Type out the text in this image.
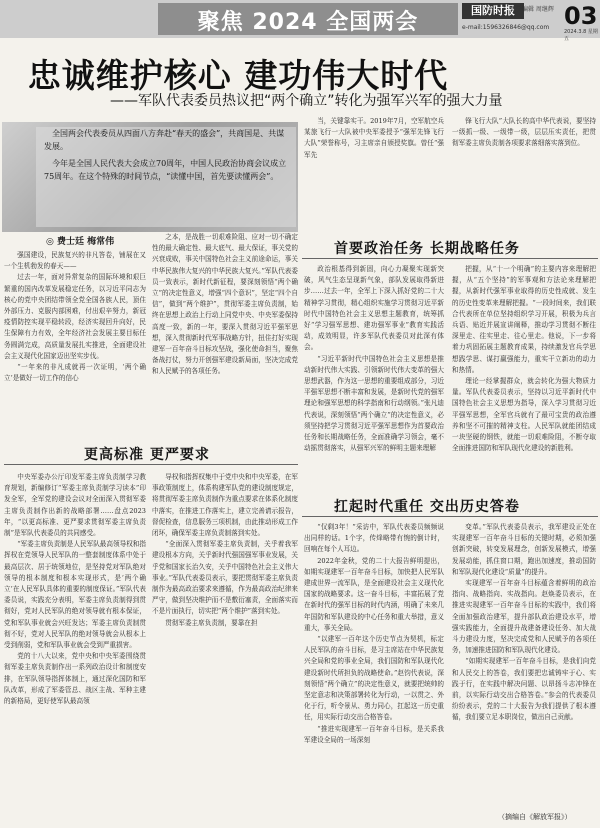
聚焦 2024 全国两会	国防时报
责任编辑 周继辉
e-mail:1596326846@qq.com 03
2024.3.8 星期五
忠诚维护核心 建功伟大时代
——军队代表委员热议把“两个确立”转化为强军兴军的强大力量

全国两会代表委员从四面八方奔赴“春天的盛会”，共商国是、共谋发展。

今年是全国人民代表大会成立70周年，中国人民政治协商会议成立75周年。在这个特殊的时间节点，“读懂中国，首先要读懂两会”。

◎ 费士廷 梅常伟

强国建设，民族复兴的非凡答卷，铺展在又一个生机勃发的春天——

过去一年，面对异常复杂的国际环境和艰巨繁重的国内改革发展稳定任务，以习近平同志为核心的党中央团结带领全党全国各族人民，顶住外部压力、克服内部困难，付出艰辛努力，新冠疫情防控实现平稳转段，经济实现回升向好，民生保障有力有效，全年经济社会发展主要目标任务圆满完成，高质量发展扎实推进，全面建设社会主义现代化国家迈出坚实步伐。

“一年来的非凡成就再一次证明，‘两个确立’是做好一切工作的信心

之本，是战胜一切艰难险阻、应对一切不确定性的最大确定性、最大底气、最大保证，事关党的兴衰成败，事关中国特色社会主义前途命运，事关中华民族伟大复兴的中华民族大复兴。”军队代表委员一致表示，新时代新征程，要深刻领悟“两个确立”的决定性意义，增强“四个意识”，坚定“四个自信”，做到“两个维护”，贯彻军委主席负责制，始终在思想上政治上行动上同党中央、中央军委保持高度一致，新的一年，要深入贯彻习近平强军思想，深入贯彻新时代军事战略方针，扭住打好实现建军一百年奋斗目标攻坚战，强化使命担当，聚焦备战打仗，努力开创强军建设新局面，坚决完成党和人民赋予的各项任务。

当，关键靠实干。2019年7月，空军航空兵某旅飞行一大队被中央军委授予“强军先锋飞行大队”荣誉称号，习主席亲自颁授奖旗。曾任“强军先

锋飞行大队”大队长的高中华代表说，要坚持一级抓一级、一级带一级，层层压实责任，把贯彻军委主席负责制各项要求落细落实落到位。

首要政治任务 长期战略任务

政治根基得到新固，向心力凝聚实现新突破，风气生态呈现新气象，部队发展取得新进步……过去一年，全军上下深入抓好党的二十大精神学习贯彻，精心组织实施学习贯彻习近平新时代中国特色社会主义思想主题教育，统筹抓好“学习强军思想、建功强军事业”教育实践活动，成效明显，许多军队代表委员对此深有体会。

“习近平新时代中国特色社会主义思想是推动新时代伟大实践、引领新时代伟大变革的强大思想武器，作为这一思想的重要组成部分，习近平强军思想不断丰富和发展，是新时代党的强军理论和强军思想的科学指南和行动纲领。”张凡迪代表说，深刻领悟“两个确立”的决定性意义，必须坚持把学习贯彻习近平强军思想作为首要政治任务和长期战略任务，全面准确学习领会，毫不动摇贯彻落实，从强军兴军的鲜明主题来理解

把握，从“十一个明确”的主要内容来理解把握，从“五个坚持”的军事观和方法论来理解把握，从新时代强军事业取得的历史性成就、发生的历史性变革来理解把握。“一段时间来，我们联合代表所在单位坚持组织学习开展，积极为兵言兵语、贴近并展宣讲阐释，推动学习贯彻不断往深里走、往实里走、往心里走。他说，下一步将着力巩固拓展主题教育成果，持续激发官兵学思想践学思、谋打赢强能力，重实干立新功的动力和热情。

理论一经掌握群众，就会转化为强大物质力量。军队代表委员表示，坚持以习近平新时代中国特色社会主义思想为指导，深入学习贯彻习近平强军思想，全军官兵就有了最可宝贵的政治遵养和坚不可摧的精神支柱。人民军队就能团结成一块坚硬的钢铁，就能一切艰难险阻，不断夺取全面推进国防和军队现代化建设的新胜利。

更高标准 更严要求

中央军委办公厅印发军委主席负责制学习教育规划，新编修订“军委主席负责制学习读本”印发全军，全军党的建设会议对全面深入贯彻军委主席负责制作出新的战略部署……盘点2023年，“以更高标准、更严要求贯彻军委主席负责制”是军队代表委员的共同感受。

“军委主席负责制是人民军队最高领导权和指挥权在党领导人民军队的一整套制度体系中处于最高层次、居于统领地位，是坚持党对军队绝对领导的根本制度和根本实现形式，是‘两个确立’在人民军队具体的重要的制度保证。”军队代表委员说，实践充分表明，军委主席负责制得到贯彻好，党对人民军队的绝对领导就有根本保证，党和军队事业就会兴旺发达；军委主席负责制贯彻不好，党对人民军队的绝对领导就会从根本上受到削弱，党和军队事业就会受到严重损害。

党的十八大以来，党中央和中央军委围绕贯彻军委主席负责制作出一系列政治设计和制度安排，在军队领导指挥体制上，通过深化国防和军队改革，形成了军委管总、战区主战、军种主建的新格局，更好使军队最高领

导权和指挥权集中于党中央和中央军委，在军事政策制度上，体系构建军队党的建设制度规定，将贯彻军委主席负责制作为重点要求在体系化制度中落实，在推进工作落实上，建立完善请示报告，督促检查，信息服务三项机制，由此推动形成工作闭环，确保军委主席负责制落到实处。

“全面深入贯彻军委主席负责制，关乎着我军建设根本方向，关乎新时代强国强军事业发展，关乎党和国家长治久安，关乎中国特色社会主义伟大事业。”军队代表委员表示，要把贯彻军委主席负责制作为最高政治要求来遵循，作为最高政治纪律来严守，做到坚决维护而不是敷衍塞责，全面落实而不是片面执行，切实把“两个维护”落到实处。

贯彻军委主席负责制，要靠在担

扛起时代重任 交出历史答卷

“仅剩3年！”采访中，军队代表委员频频说出同样的话。1个字，传烽略带有惋的倒计时，回响在每个人耳边。

2022年金秋，党的二十大报告鲜明提出，如期实现建军一百年奋斗目标，加快把人民军队建成世界一流军队，是全面建设社会主义现代化国家的战略要求。这一奋斗目标，丰富拓展了党在新时代的强军目标的时代内涵，明确了未来几年国防和军队建设的中心任务和重大举措，意义重大，事关全局。

“以建军一百年这个历史节点为契机，标定人民军队的奋斗目标，是习主席站在中华民族复兴全局和党的事业全局，我们国防和军队现代化建设新时代所担负的战略使命。”赵钧代表说，深刻领悟“两个确立”的决定性意义，就要把统帅的坚定意志和决策部署转化为行动，一以贯之、外化于行，听令景从、勇力同心，扛起这一历史重任，用实际行动交出合格答卷。

“推进实现建军一百年奋斗目标，是关系我军建设全局的一场深刻

变革。”军队代表委员表示，我军建设正处在实现建军一百年奋斗目标的关键时期，必须加强创新突破，转变发展理念，创新发展模式，增强发展动能，抓住窗口期，跑出加速度，推动国防和军队现代化建设“质量”的提升。

实现建军一百年奋斗目标蕴含着鲜明的政治指向、战略指向、实战指向。赵焕委员表示，在推进实现建军一百年奋斗目标的实践中，我们将全面加强政治建军，提升部队政治建设水平，增强实践能力，全面提升战建备建设任务、加大战斗力建设力度，坚决完成党和人民赋予的各项任务，加速推进国防和军队现代化建设。

“如期实现建军一百年奋斗目标，是我们向党和人民交上的答卷，我们要把忠诚铸牢于心、实践于行，在实践中解决问题、以昂扬斗志冲锋在前，以实际行动交出合格答卷。”参会的代表委员纷纷表示，党的二十大报告为我们提供了根本遵循，我们要立足本职岗位，做出自己贡献。

（摘编自《解放军报》）
